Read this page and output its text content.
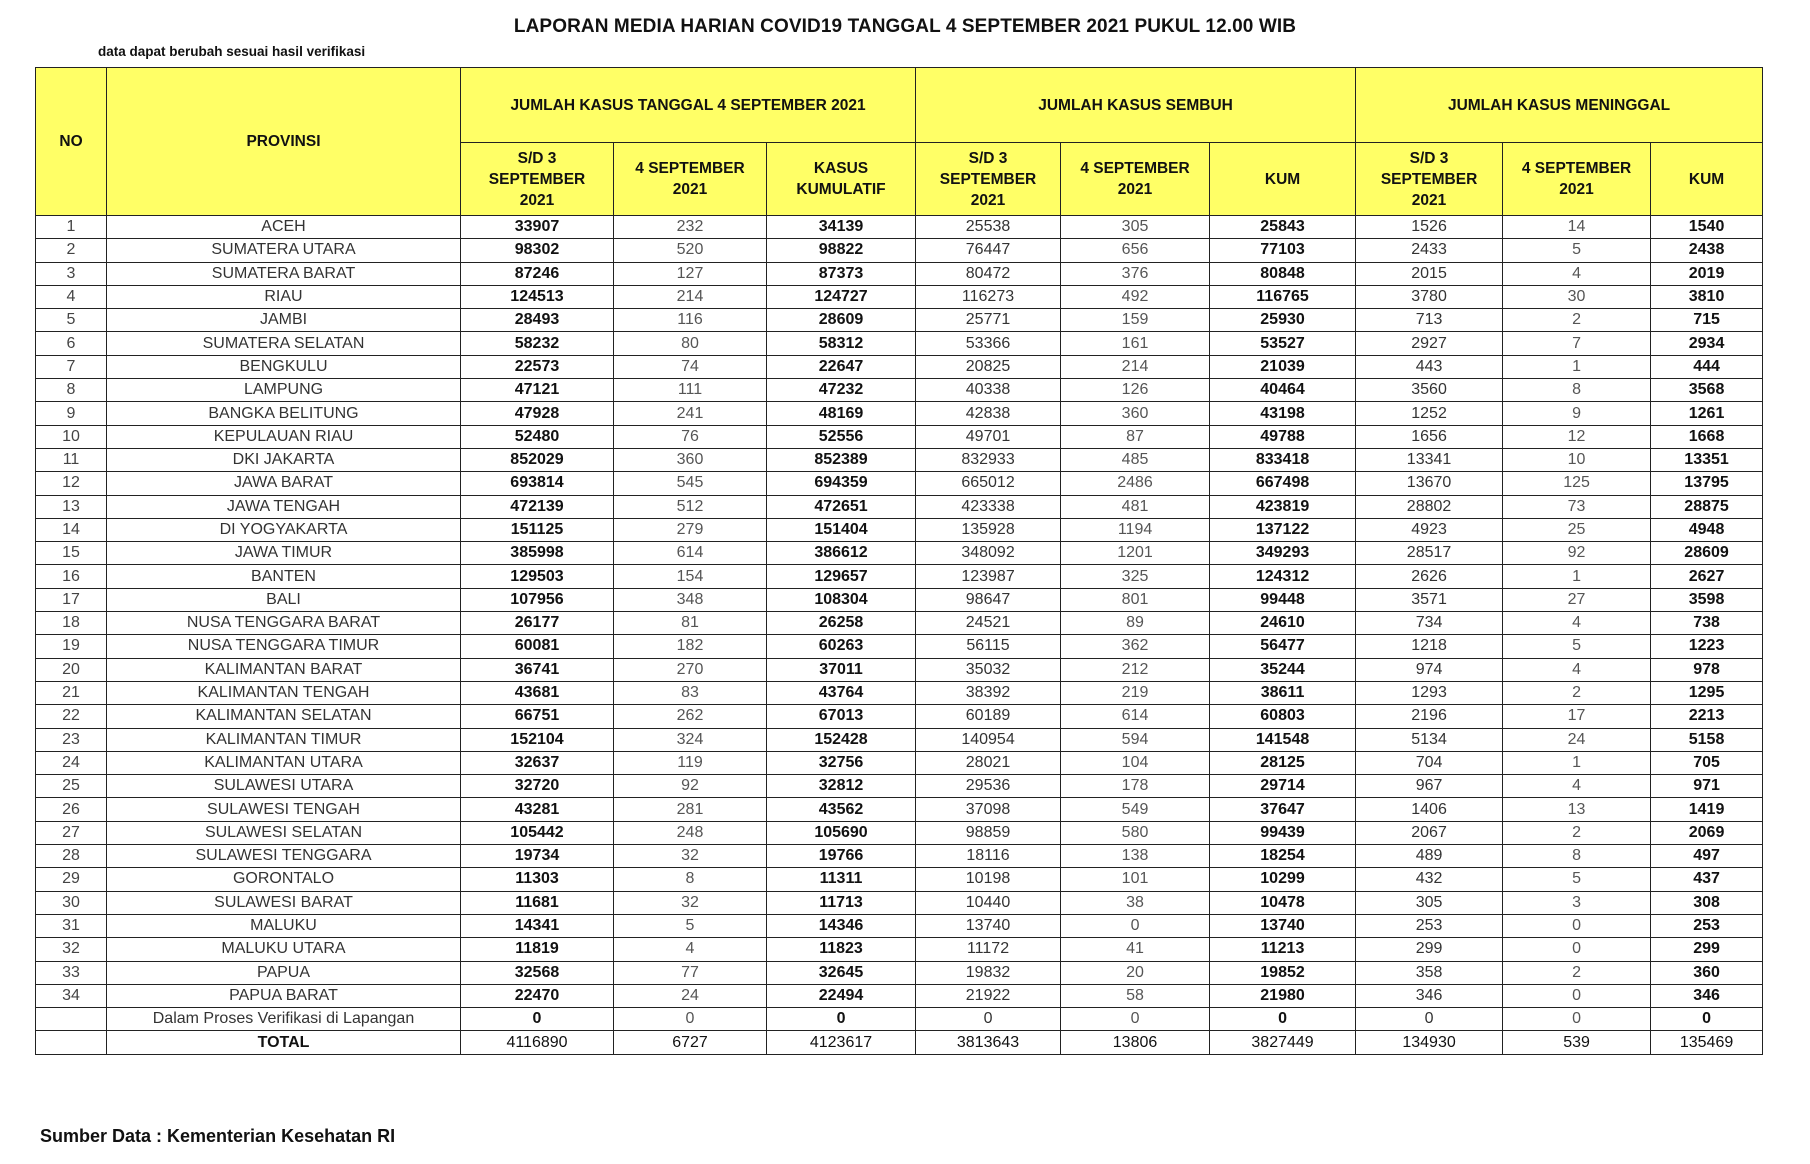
LAPORAN MEDIA HARIAN COVID19 TANGGAL 4 SEPTEMBER 2021 PUKUL 12.00 WIB
data dapat berubah sesuai hasil verifikasi
NO	PROVINSI	JUMLAH KASUS TANGGAL 4 SEPTEMBER 2021			JUMLAH KASUS SEMBUH			JUMLAH KASUS MENINGGAL		
		S/D 3
SEPTEMBER
2021	4 SEPTEMBER
2021	KASUS
KUMULATIF	S/D 3
SEPTEMBER
2021	4 SEPTEMBER
2021	KUM	S/D 3
SEPTEMBER
2021	4 SEPTEMBER
2021	KUM
1	ACEH	33907	232	34139	25538	305	25843	1526	14	1540
2	SUMATERA UTARA	98302	520	98822	76447	656	77103	2433	5	2438
3	SUMATERA BARAT	87246	127	87373	80472	376	80848	2015	4	2019
4	RIAU	124513	214	124727	116273	492	116765	3780	30	3810
5	JAMBI	28493	116	28609	25771	159	25930	713	2	715
6	SUMATERA SELATAN	58232	80	58312	53366	161	53527	2927	7	2934
7	BENGKULU	22573	74	22647	20825	214	21039	443	1	444
8	LAMPUNG	47121	111	47232	40338	126	40464	3560	8	3568
9	BANGKA BELITUNG	47928	241	48169	42838	360	43198	1252	9	1261
10	KEPULAUAN RIAU	52480	76	52556	49701	87	49788	1656	12	1668
11	DKI JAKARTA	852029	360	852389	832933	485	833418	13341	10	13351
12	JAWA BARAT	693814	545	694359	665012	2486	667498	13670	125	13795
13	JAWA TENGAH	472139	512	472651	423338	481	423819	28802	73	28875
14	DI YOGYAKARTA	151125	279	151404	135928	1194	137122	4923	25	4948
15	JAWA TIMUR	385998	614	386612	348092	1201	349293	28517	92	28609
16	BANTEN	129503	154	129657	123987	325	124312	2626	1	2627
17	BALI	107956	348	108304	98647	801	99448	3571	27	3598
18	NUSA TENGGARA BARAT	26177	81	26258	24521	89	24610	734	4	738
19	NUSA TENGGARA TIMUR	60081	182	60263	56115	362	56477	1218	5	1223
20	KALIMANTAN BARAT	36741	270	37011	35032	212	35244	974	4	978
21	KALIMANTAN TENGAH	43681	83	43764	38392	219	38611	1293	2	1295
22	KALIMANTAN SELATAN	66751	262	67013	60189	614	60803	2196	17	2213
23	KALIMANTAN TIMUR	152104	324	152428	140954	594	141548	5134	24	5158
24	KALIMANTAN UTARA	32637	119	32756	28021	104	28125	704	1	705
25	SULAWESI UTARA	32720	92	32812	29536	178	29714	967	4	971
26	SULAWESI TENGAH	43281	281	43562	37098	549	37647	1406	13	1419
27	SULAWESI SELATAN	105442	248	105690	98859	580	99439	2067	2	2069
28	SULAWESI TENGGARA	19734	32	19766	18116	138	18254	489	8	497
29	GORONTALO	11303	8	11311	10198	101	10299	432	5	437
30	SULAWESI BARAT	11681	32	11713	10440	38	10478	305	3	308
31	MALUKU	14341	5	14346	13740	0	13740	253	0	253
32	MALUKU UTARA	11819	4	11823	11172	41	11213	299	0	299
33	PAPUA	32568	77	32645	19832	20	19852	358	2	360
34	PAPUA BARAT	22470	24	22494	21922	58	21980	346	0	346
	Dalam Proses Verifikasi di Lapangan	0	0	0	0	0	0	0	0	0
	TOTAL	4116890	6727	4123617	3813643	13806	3827449	134930	539	135469
Sumber Data : Kementerian Kesehatan RI
